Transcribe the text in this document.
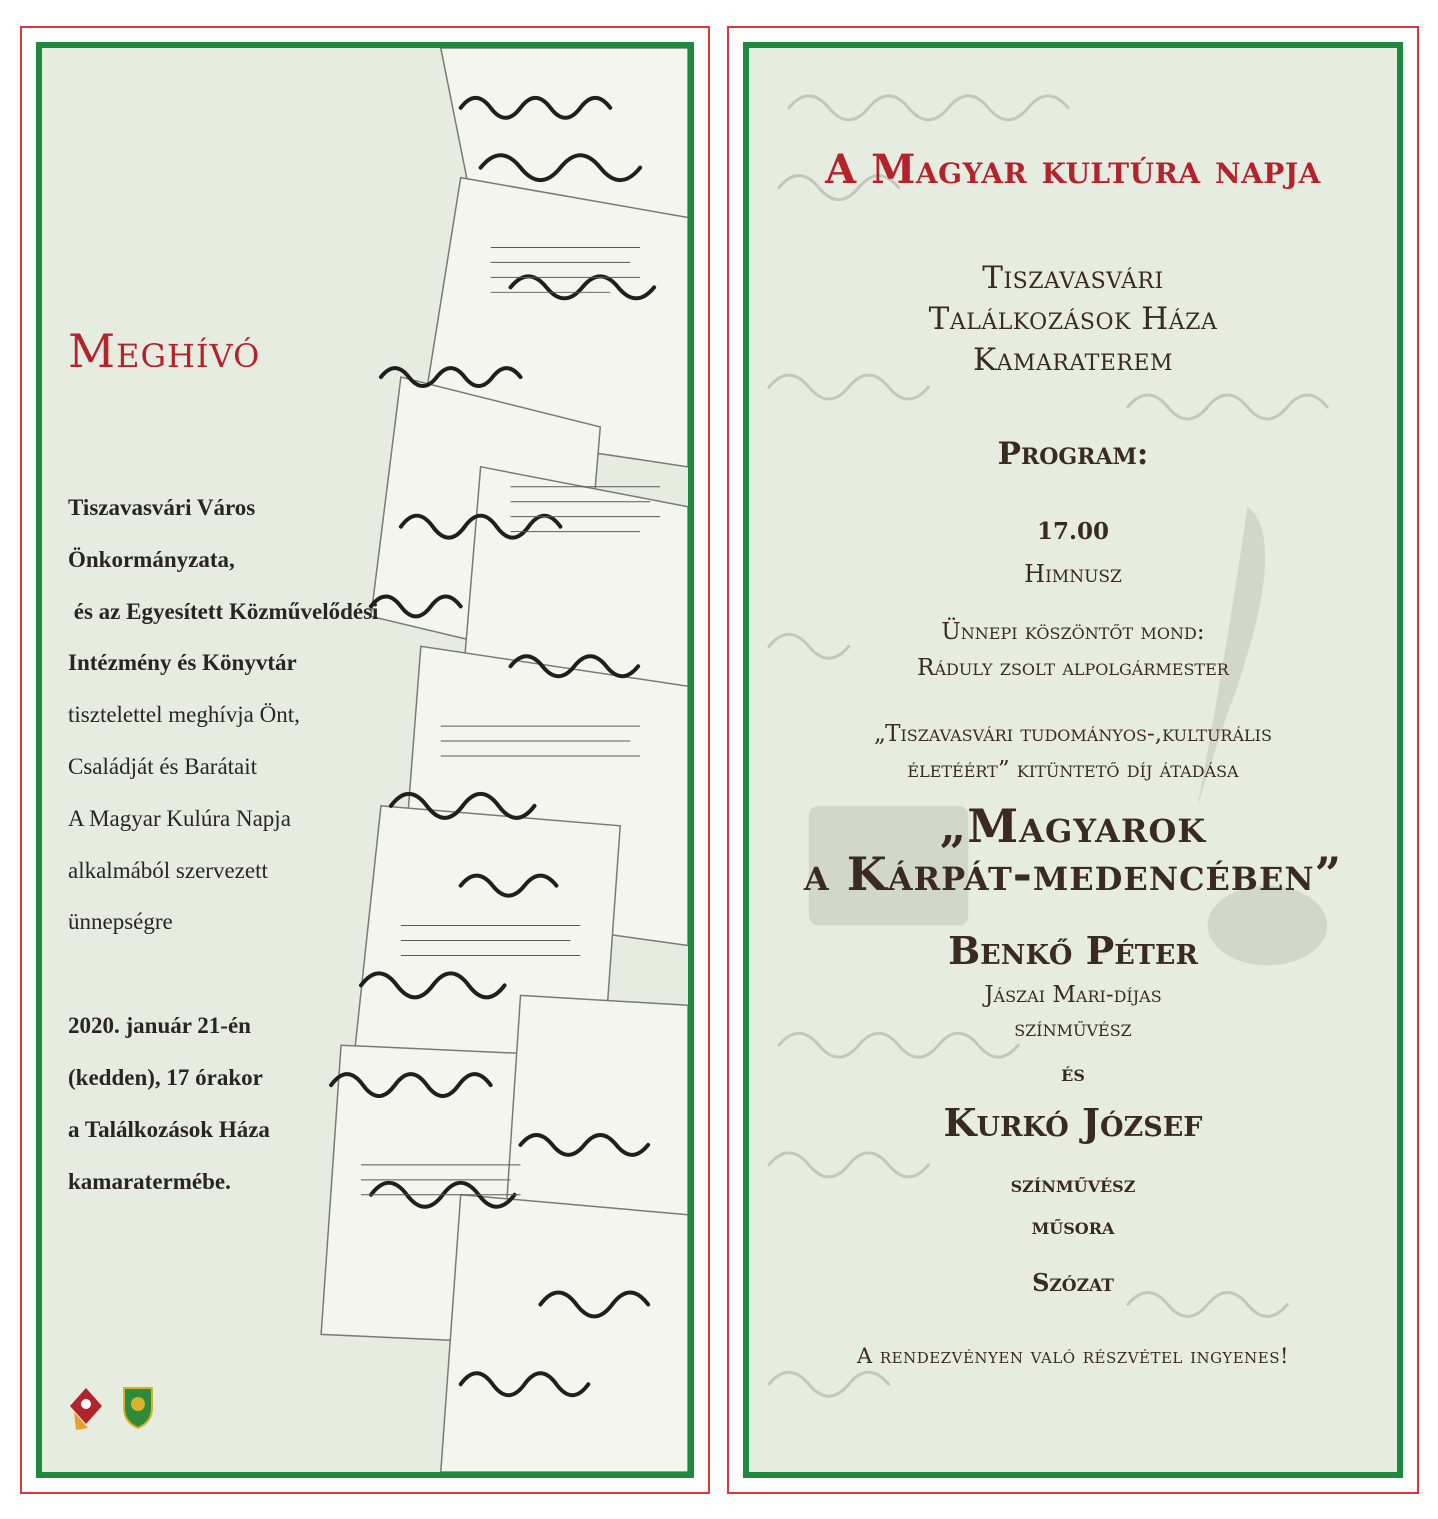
Meghívó
Tiszavasvári Város
Önkormányzata,
és az Egyesített Közművelődési
Intézmény és Könyvtár
tisztelettel meghívja Önt,
Családját és Barátait
A Magyar Kulúra Napja
alkalmából szervezett
ünnepségre
2020. január 21-én
(kedden), 17 órakor
a Találkozások Háza
kamaratermébe.
A Magyar kultúra napja
Tiszavasvári
Találkozások Háza
Kamaraterem
Program:
17.00
Himnusz
Ünnepi köszöntőt mond:
Ráduly zsolt alpolgármester
„Tiszavasvári tudományos-,kulturális
életéért” kitüntető díj átadása
„Magyarok
a Kárpát-medencében”
Benkő Péter
Jászai Mari-díjas
színművész
és
Kurkó József
színművész
műsora
Szózat
A rendezvényen való részvétel ingyenes!
